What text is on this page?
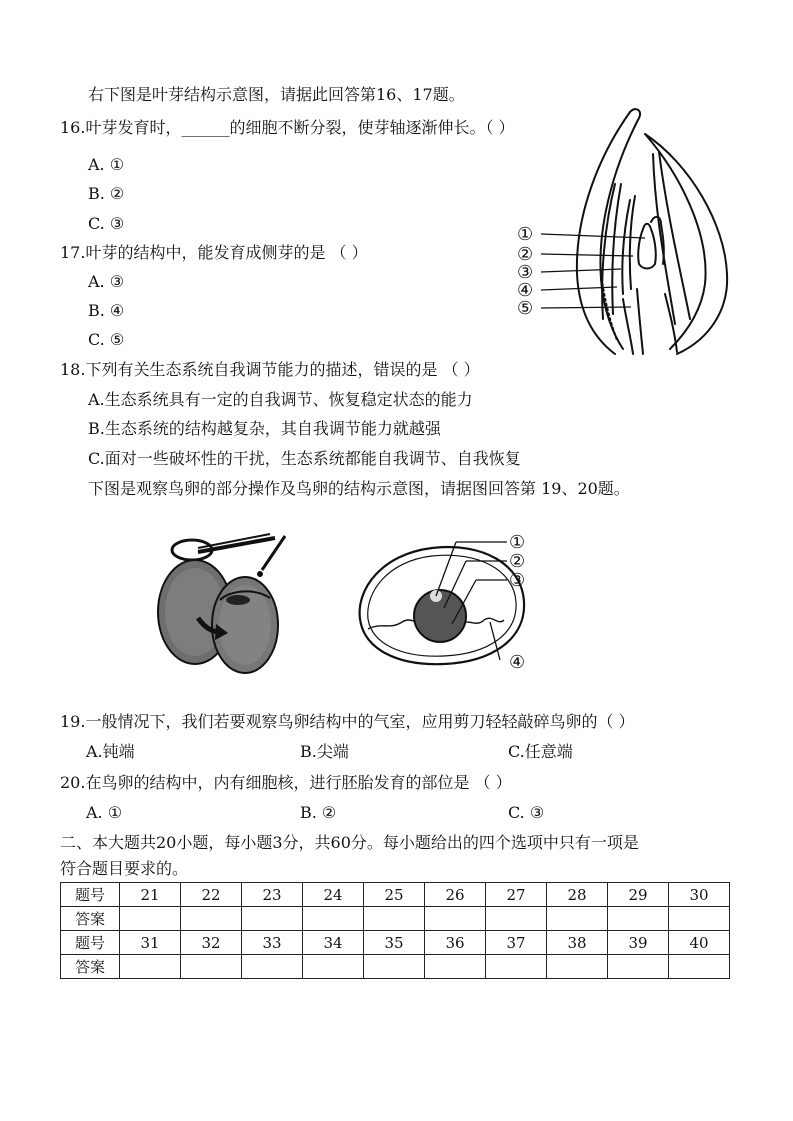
右下图是叶芽结构示意图，请据此回答第16、17题。
16.叶芽发育时，______的细胞不断分裂，使芽轴逐渐伸长。（ ）
A. ①
B. ②
C. ③
17.叶芽的结构中，能发育成侧芽的是 （ ）
A. ③
B. ④
C. ⑤
①
②
③
④
⑤
18.下列有关生态系统自我调节能力的描述，错误的是 （ ）
A.生态系统具有一定的自我调节、恢复稳定状态的能力
B.生态系统的结构越复杂，其自我调节能力就越强
C.面对一些破坏性的干扰，生态系统都能自我调节、自我恢复
下图是观察鸟卵的部分操作及鸟卵的结构示意图，请据图回答第 19、20题。
①
②
③
④
19.一般情况下，我们若要观察鸟卵结构中的气室，应用剪刀轻轻敲碎鸟卵的（ ）
A.钝端	B.尖端	C.任意端
20.在鸟卵的结构中，内有细胞核，进行胚胎发育的部位是 （ ）
A. ①	B. ②	C. ③
二、本大题共20小题，每小题3分，共60分。每小题给出的四个选项中只有一项是
符合题目要求的。
题号	21	22	23	24	25	26	27	28	29	30
答案										
题号	31	32	33	34	35	36	37	38	39	40
答案										
